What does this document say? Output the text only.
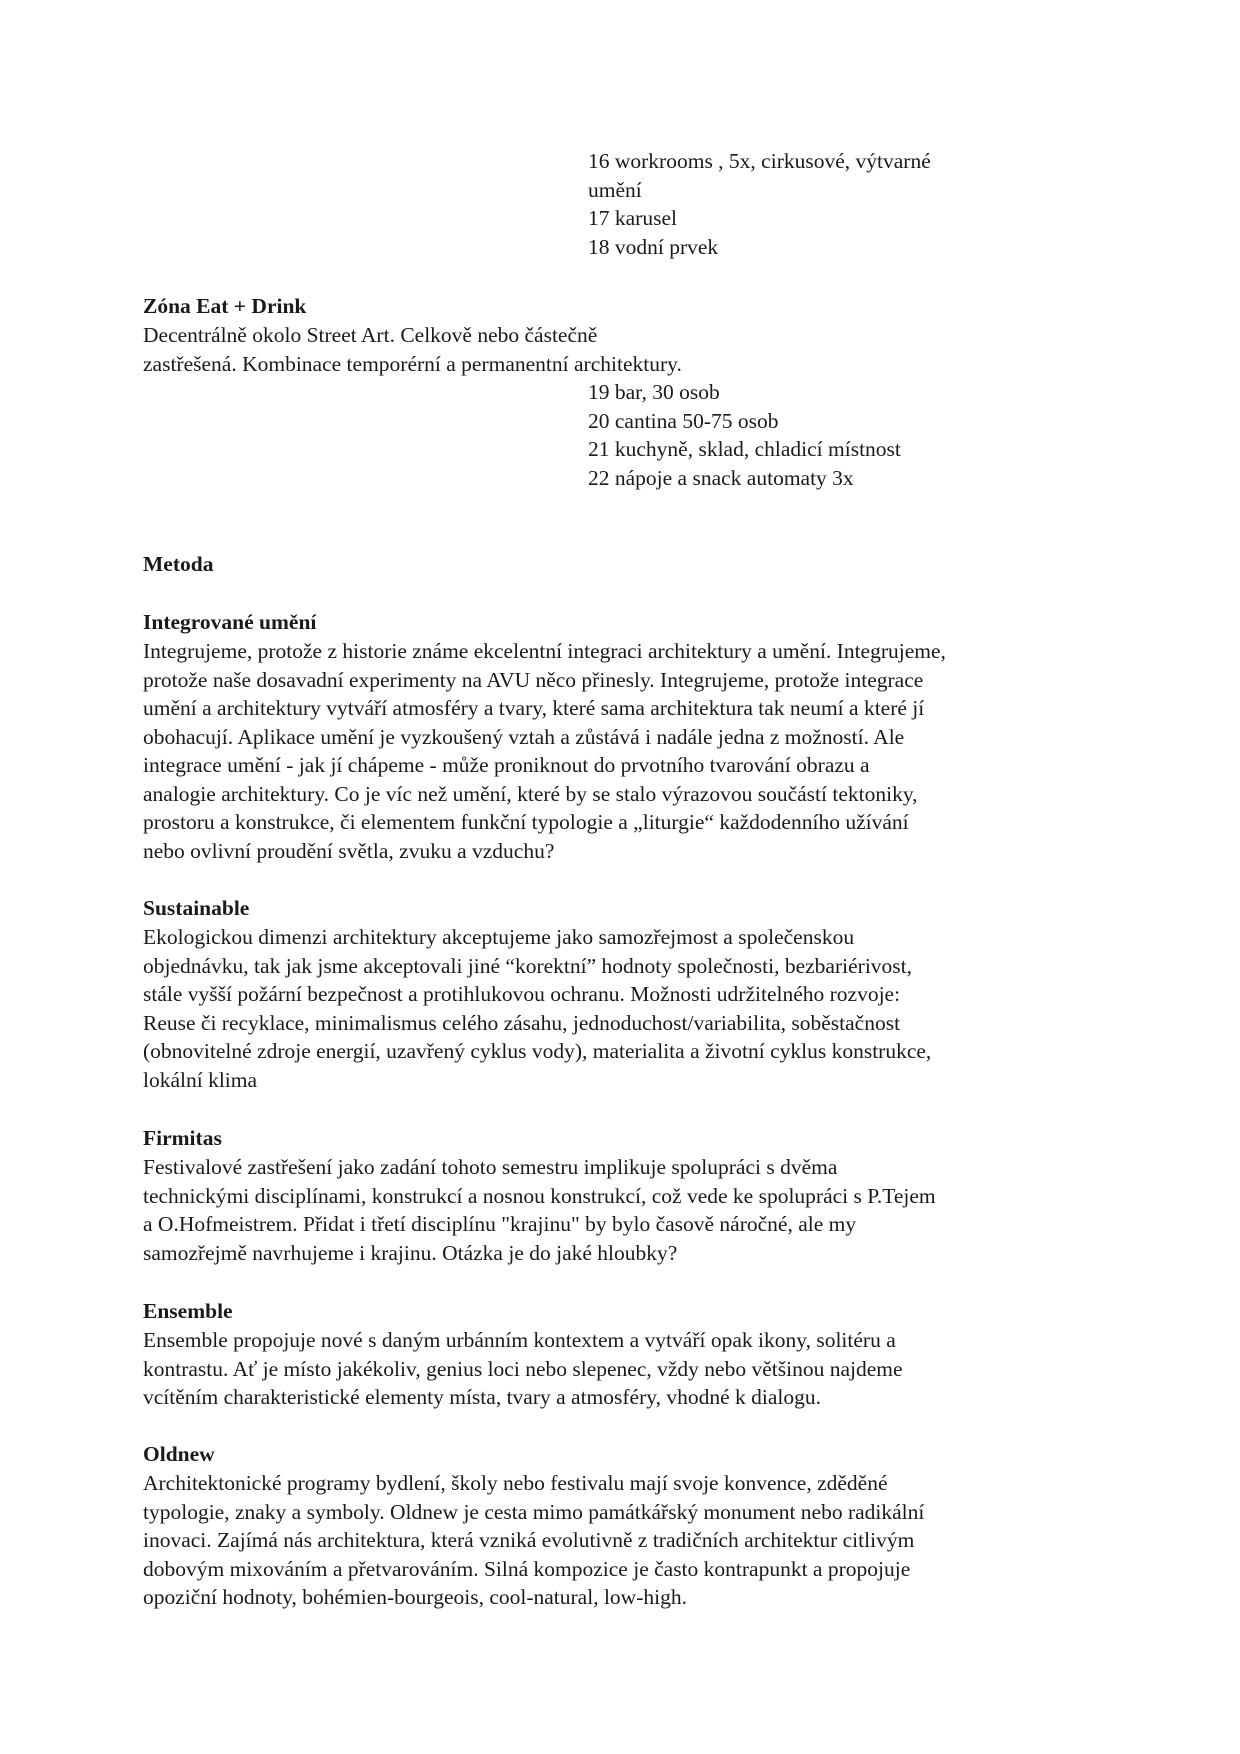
16 workrooms , 5x, cirkusové, výtvarné
umění
17 karusel
18 vodní prvek
Zóna Eat + Drink
Decentrálně okolo Street Art. Celkově nebo částečně
zastřešená. Kombinace temporérní a permanentní architektury.
19 bar, 30 osob
20 cantina 50-75 osob
21 kuchyně, sklad, chladicí místnost
22 nápoje a snack automaty 3x
Metoda
Integrované umění
Integrujeme, protože z historie známe ekcelentní integraci architektury a umění. Integrujeme,
protože naše dosavadní experimenty na AVU něco přinesly. Integrujeme, protože integrace
umění a architektury vytváří atmosféry a tvary, které sama architektura tak neumí a které jí
obohacují. Aplikace umění je vyzkoušený vztah a zůstává i nadále jedna z možností. Ale
integrace umění - jak jí chápeme - může proniknout do prvotního tvarování obrazu a
analogie architektury. Co je víc než umění, které by se stalo výrazovou součástí tektoniky,
prostoru a konstrukce, či elementem funkční typologie a „liturgie“ každodenního užívání
nebo ovlivní proudění světla, zvuku a vzduchu?
Sustainable
Ekologickou dimenzi architektury akceptujeme jako samozřejmost a společenskou
objednávku, tak jak jsme akceptovali jiné “korektní” hodnoty společnosti, bezbariérivost,
stále vyšší požární bezpečnost a protihlukovou ochranu. Možnosti udržitelného rozvoje:
Reuse či recyklace, minimalismus celého zásahu, jednoduchost/variabilita, soběstačnost
(obnovitelné zdroje energií, uzavřený cyklus vody), materialita a životní cyklus konstrukce,
lokální klima
Firmitas
Festivalové zastřešení jako zadání tohoto semestru implikuje spolupráci s dvěma
technickými disciplínami, konstrukcí a nosnou konstrukcí, což vede ke spolupráci s P.Tejem
a O.Hofmeistrem. Přidat i třetí disciplínu "krajinu" by bylo časově náročné, ale my
samozřejmě navrhujeme i krajinu. Otázka je do jaké hloubky?
Ensemble
Ensemble propojuje nové s daným urbánním kontextem a vytváří opak ikony, solitéru a
kontrastu. Ať je místo jakékoliv, genius loci nebo slepenec, vždy nebo většinou najdeme
vcítěním charakteristické elementy místa, tvary a atmosféry, vhodné k dialogu.
Oldnew
Architektonické programy bydlení, školy nebo festivalu mají svoje konvence, zděděné
typologie, znaky a symboly. Oldnew je cesta mimo památkářský monument nebo radikální
inovaci. Zajímá nás architektura, která vzniká evolutivně z tradičních architektur citlivým
dobovým mixováním a přetvarováním. Silná kompozice je často kontrapunkt a propojuje
opoziční hodnoty, bohémien-bourgeois, cool-natural, low-high.
